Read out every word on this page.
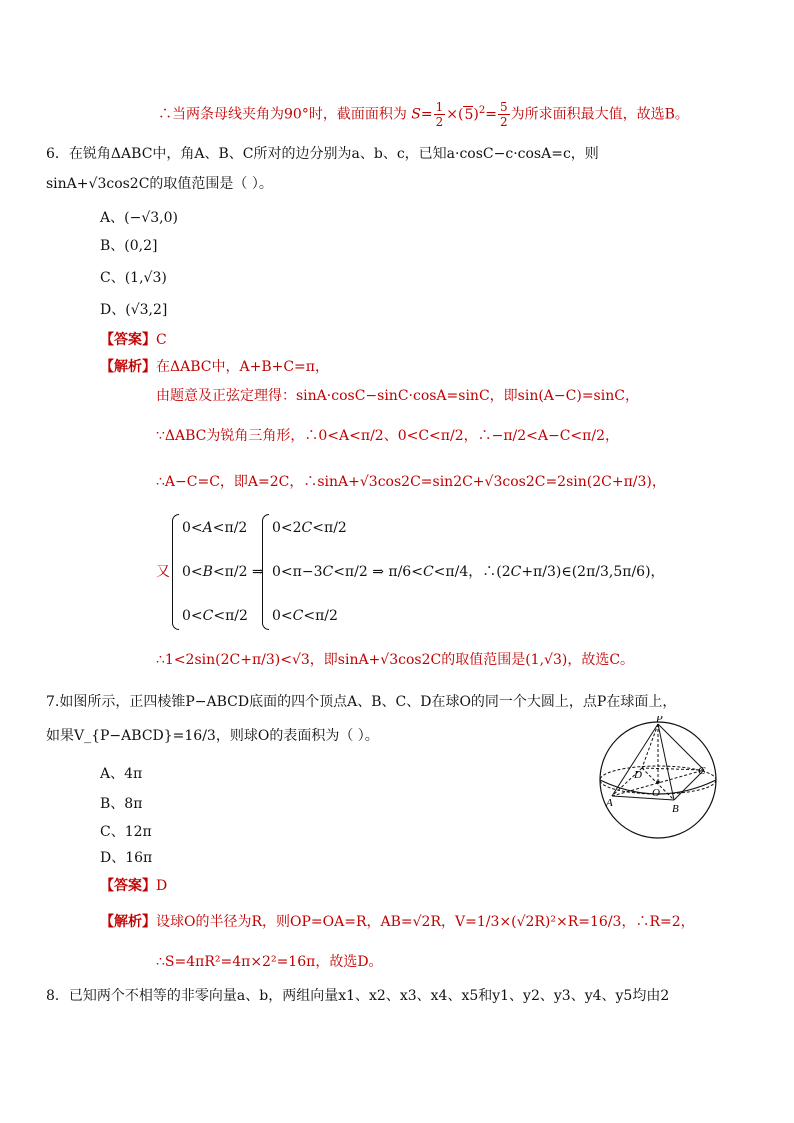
∴当两条母线夹角为90°时，截面面积为 $S= \frac{1}{2} \times(5)^2= \frac{5}{2}$ 为所求面积最大值，故选B。
6．在锐角ΔABC中，角A、B、C所对的边分别为a、b、c，已知a·cosC−c·cosA=c，则
sinA+√3cos2C的取值范围是（ ）。
A、(−√3,0)
B、(0,2]
C、(1,√3)
D、(√3,2]
【答案】C
【解析】在ΔABC中，A+B+C=π，
由题意及正弦定理得：sinA·cosC−sinC·cosA=sinC，即sin(A−C)=sinC，
∵ΔABC为锐角三角形，∴0<A<π/2、0<C<π/2，∴−π/2<A−C<π/2，
∴A−C=C，即A=2C，∴sinA+√3cos2C=sin2C+√3cos2C=2sin(2C+π/3)，
又
0<A<π/2
0<B<π/2 ⇒
0<C<π/2
0<2C<π/2
0<π−3C<π/2 ⇒ π/6<C<π/4，∴(2C+π/3)∈(2π/3,5π/6)，
0<C<π/2
∴1<2sin(2C+π/3)<√3，即sinA+√3cos2C的取值范围是(1,√3)，故选C。
7.如图所示，正四棱锥P−ABCD底面的四个顶点A、B、C、D在球O的同一个大圆上，点P在球面上，
如果V_{P−ABCD}=16/3，则球O的表面积为（ ）。
A、4π
B、8π
C、12π
D、16π
【答案】D
【解析】设球O的半径为R，则OP=OA=R，AB=√2R，V=1/3×(√2R)²×R=16/3，∴R=2，
∴S=4πR²=4π×2²=16π，故选D。
P
D
O
C
A	B
8．已知两个不相等的非零向量a、b，两组向量x1、x2、x3、x4、x5和y1、y2、y3、y4、y5均由2
